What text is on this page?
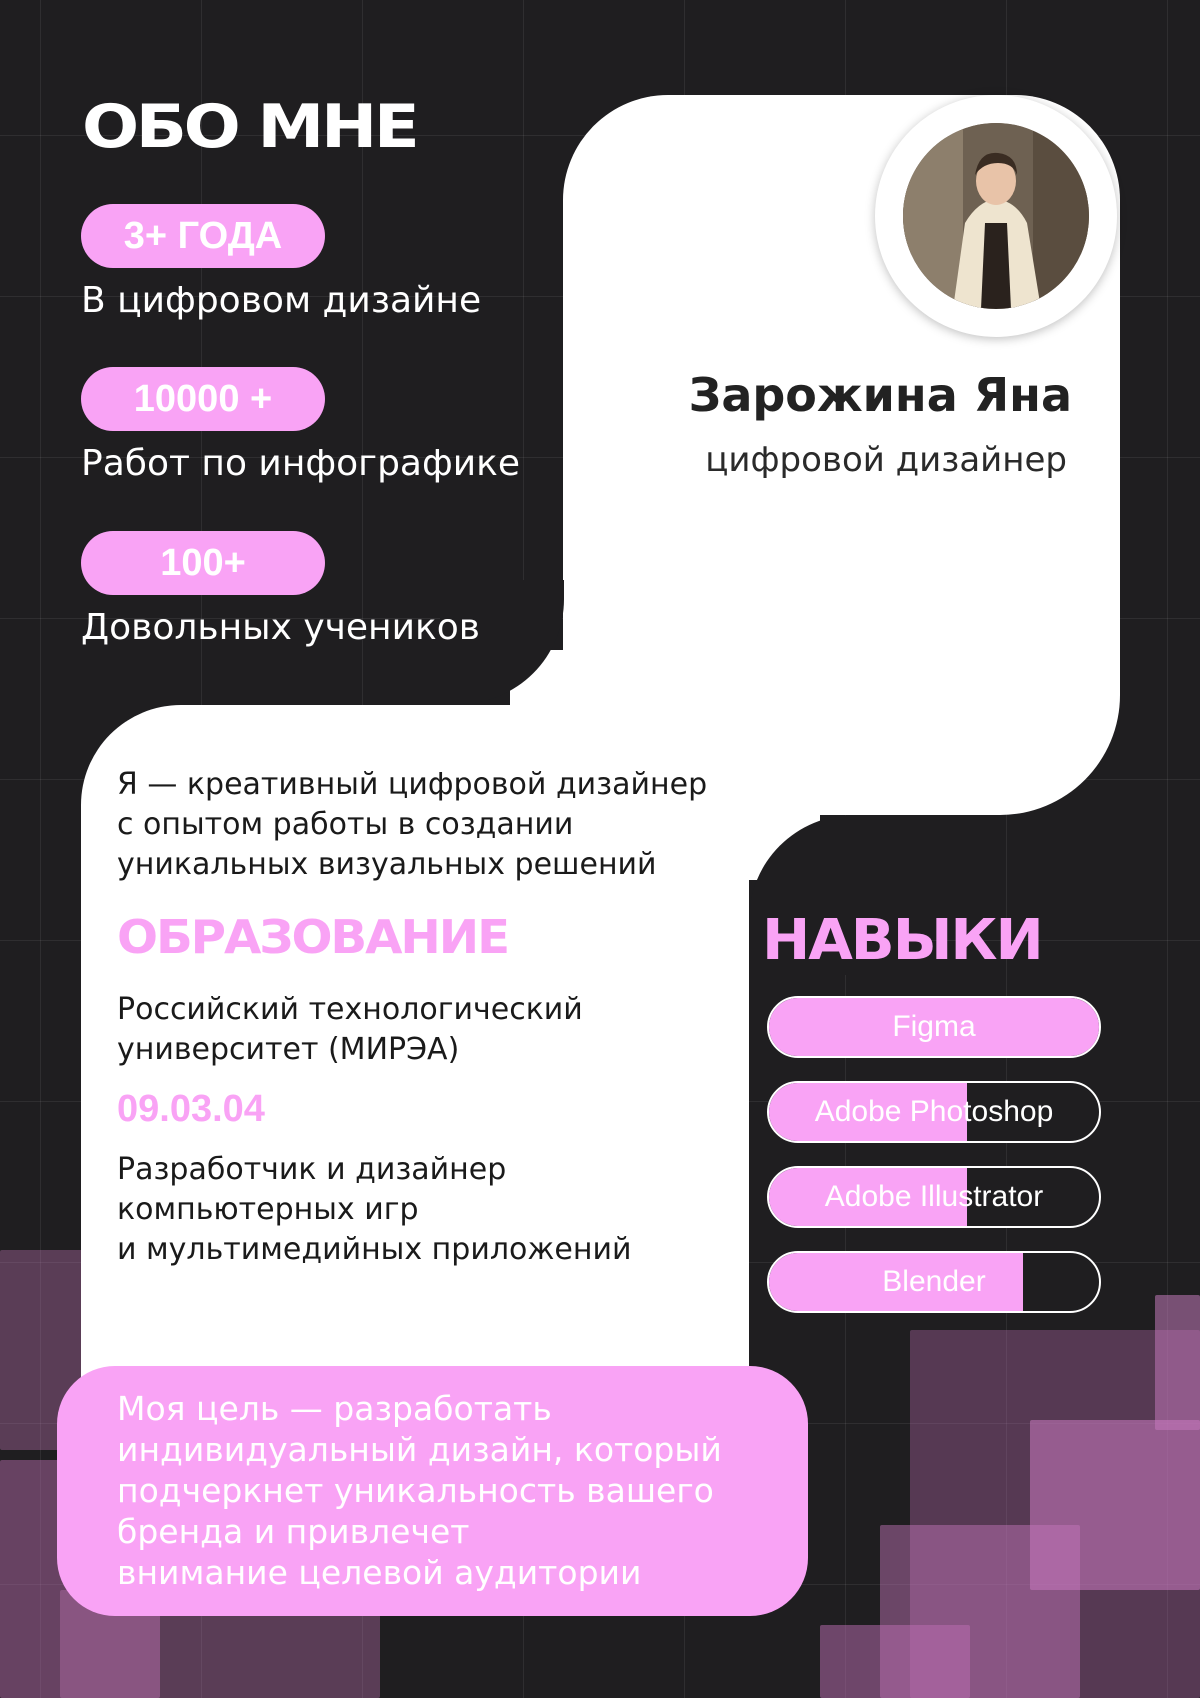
ОБО МНЕ
3+ ГОДА

В цифровом дизайне

10000 +

Работ по инфографике

100+

Довольных учеников

Зарожина Яна

цифровой дизайнер

Я — креативный цифровой дизайнер
с опытом работы в создании
уникальных визуальных решений
ОБРАЗОВАНИЕ
Российский технологический
университет (МИРЭА)

09.03.04

Разработчик и дизайнер
компьютерных игр
и мультимедийных приложений
НАВЫКИ
Figma
Adobe Photoshop
Adobe Illustrator
Blender
Моя цель — разработать
индивидуальный дизайн, который
подчеркнет уникальность вашего
бренда и привлечет
внимание целевой аудитории
